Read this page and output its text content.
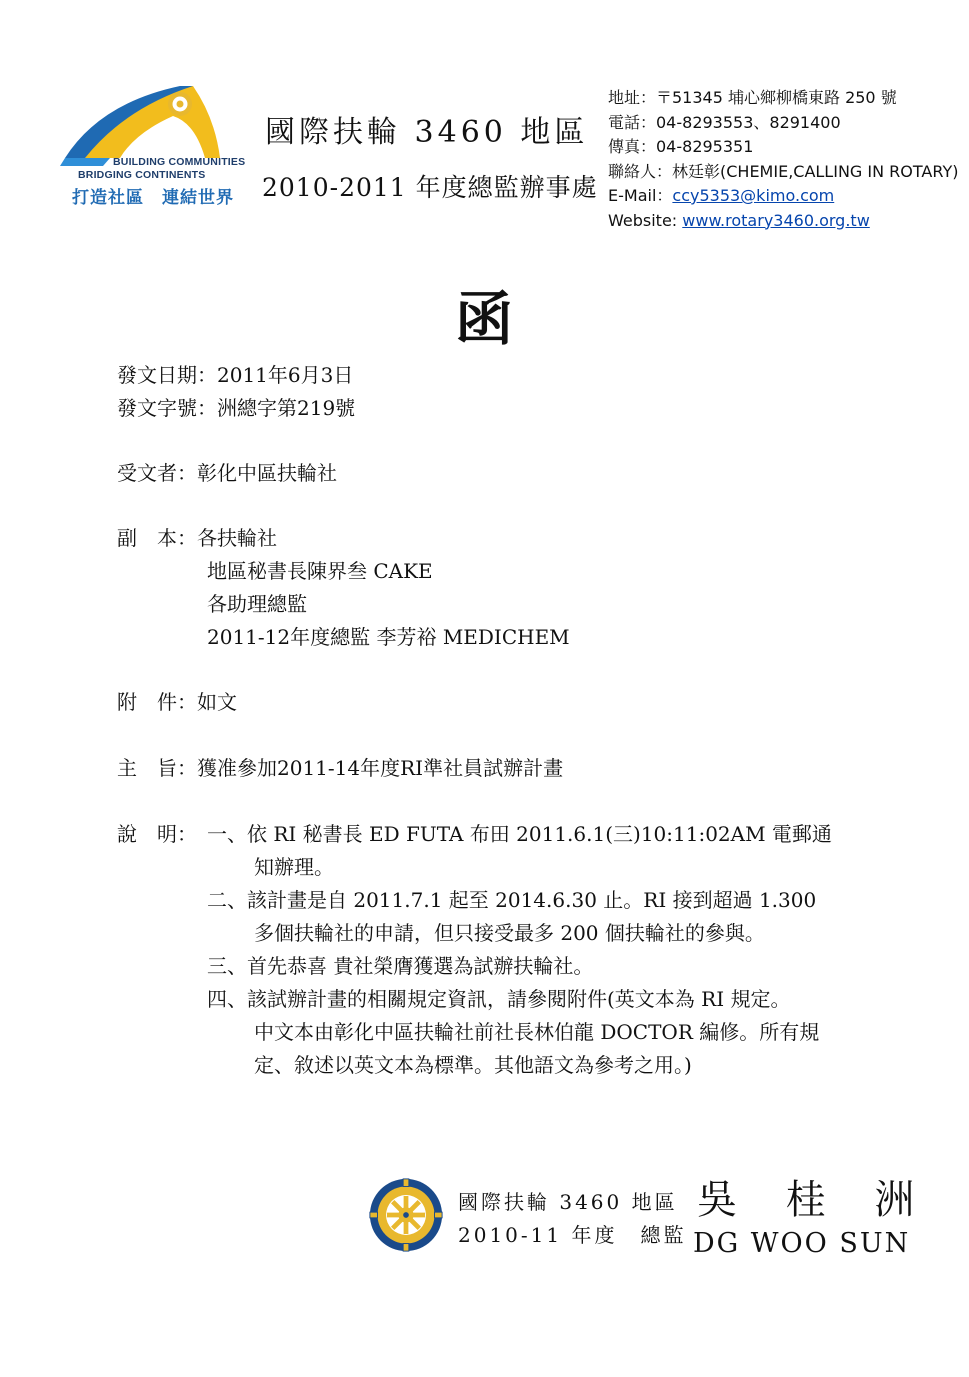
BUILDING COMMUNITIES
BRIDGING CONTINENTS
打造社區　連結世界
國際扶輪 3460 地區
2010-2011 年度總監辦事處
地址：〒51345 埔心鄉柳橋東路 250 號
電話：04-8293553、8291400
傳真：04-8295351
聯絡人：林廷彰(CHEMIE,CALLING IN ROTARY)
E-Mail：ccy5353@kimo.com
Website: www.rotary3460.org.tw
函
發文日期：2011年6月3日
發文字號：洲總字第219號
受文者：彰化中區扶輪社
副　本：各扶輪社
地區秘書長陳界叁 CAKE
各助理總監
2011-12年度總監 李芳裕 MEDICHEM
附　件：如文
主　旨：獲准參加2011-14年度RI準社員試辦計畫
說　明： 一、依 RI 秘書長 ED FUTA 布田 2011.6.1(三)10:11:02AM 電郵通
知辦理。
二、該計畫是自 2011.7.1 起至 2014.6.30 止。RI 接到超過 1.300
多個扶輪社的申請，但只接受最多 200 個扶輪社的參與。
三、首先恭喜 貴社榮膺獲選為試辦扶輪社。
四、該試辦計畫的相關規定資訊，請參閱附件(英文本為 RI 規定。
中文本由彰化中區扶輪社前社長林伯龍 DOCTOR 編修。所有規
定、敘述以英文本為標準。其他語文為參考之用。)
國際扶輪 3460 地區
2010-11 年度　總監
吳 桂 洲
DG WOO SUN
